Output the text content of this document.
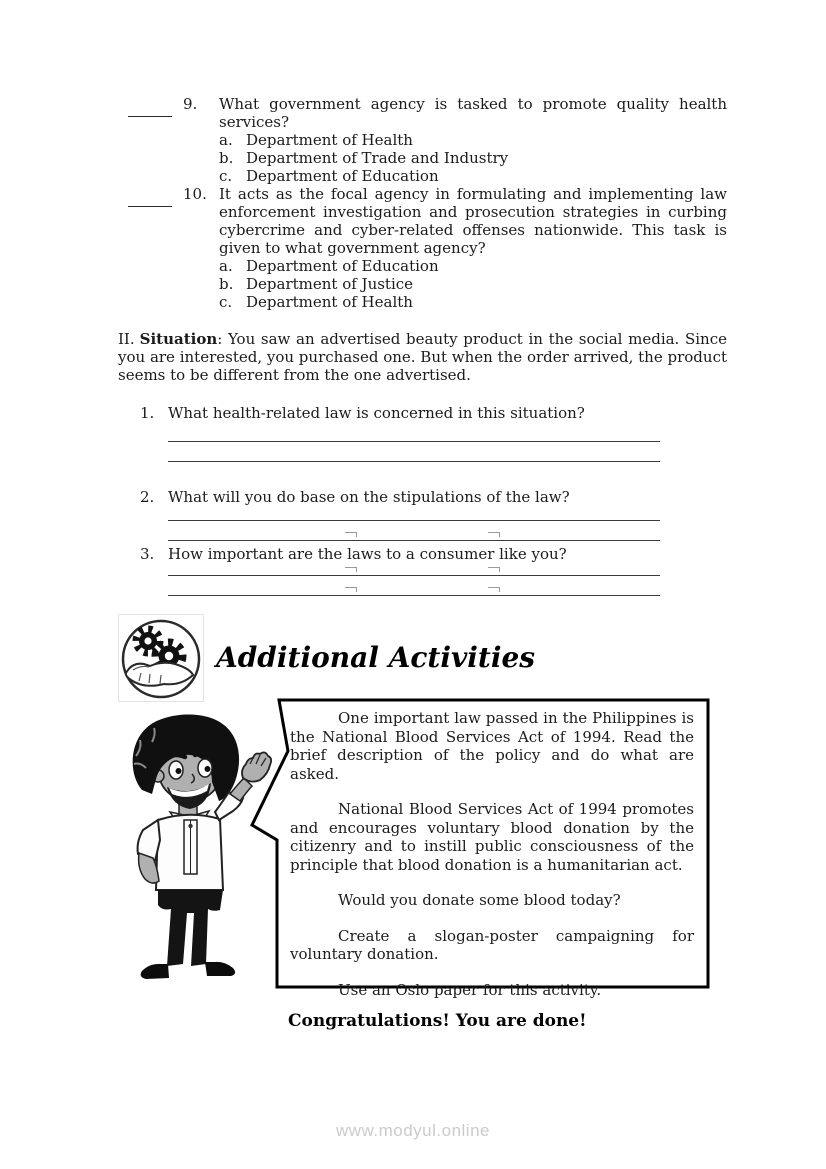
9.	What government agency is tasked to promote quality health services?
a. Department of Health
b. Department of Trade and Industry
c. Department of Education
10. It acts as the focal agency in formulating and implementing law enforcement investigation and prosecution strategies in curbing cybercrime and cyber-related offenses nationwide. This task is given to what government agency?
a. Department of Education
b. Department of Justice
c. Department of Health
II. Situation: You saw an advertised beauty product in the social media. Since you are interested, you purchased one. But when the order arrived, the product seems to be different from the one advertised.
1. What health-related law is concerned in this situation?
2. What will you do base on the stipulations of the law?
3. How important are the laws to a consumer like you?
Additional Activities

One important law passed in the Philippines is the National Blood Services Act of 1994. Read the brief description of the policy and do what are asked.

National Blood Services Act of 1994 promotes and encourages voluntary blood donation by the citizenry and to instill public consciousness of the principle that blood donation is a humanitarian act.

Would you donate some blood today?

Create a slogan-poster campaigning for voluntary donation.

Use an Oslo paper for this activity.

Congratulations! You are done!
www.modyul.online
